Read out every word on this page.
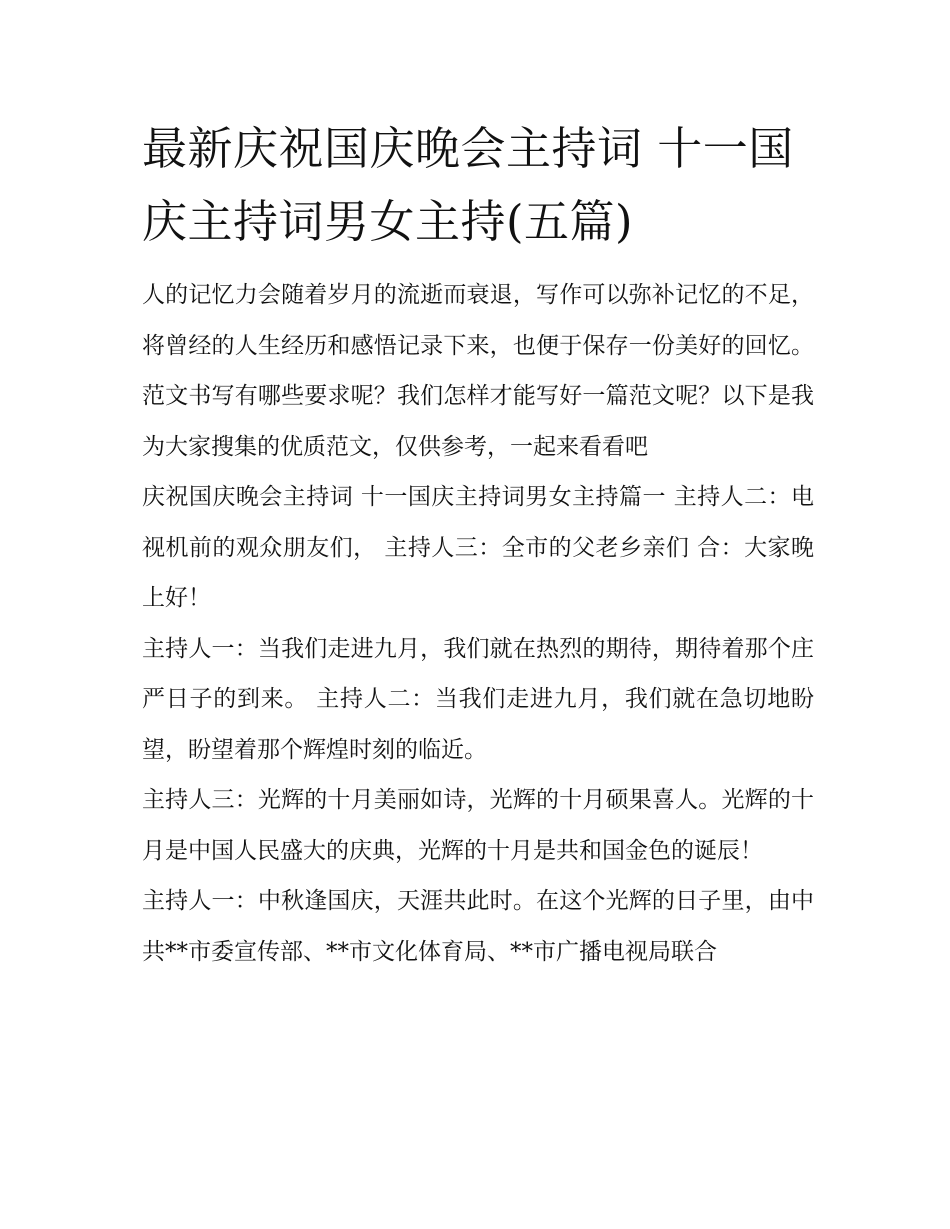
最新庆祝国庆晚会主持词 十一国庆主持词男女主持(五篇)

人的记忆力会随着岁月的流逝而衰退，写作可以弥补记忆的不足，将曾经的人生经历和感悟记录下来，也便于保存一份美好的回忆。范文书写有哪些要求呢？我们怎样才能写好一篇范文呢？以下是我为大家搜集的优质范文，仅供参考，一起来看看吧

庆祝国庆晚会主持词 十一国庆主持词男女主持篇一 主持人二：电视机前的观众朋友们， 主持人三：全市的父老乡亲们 合：大家晚上好！

主持人一：当我们走进九月，我们就在热烈的期待，期待着那个庄严日子的到来。 主持人二：当我们走进九月，我们就在急切地盼望，盼望着那个辉煌时刻的临近。

主持人三：光辉的十月美丽如诗，光辉的十月硕果喜人。光辉的十月是中国人民盛大的庆典，光辉的十月是共和国金色的诞辰！

主持人一：中秋逢国庆，天涯共此时。在这个光辉的日子里，由中共**市委宣传部、**市文化体育局、**市广播电视局联合
